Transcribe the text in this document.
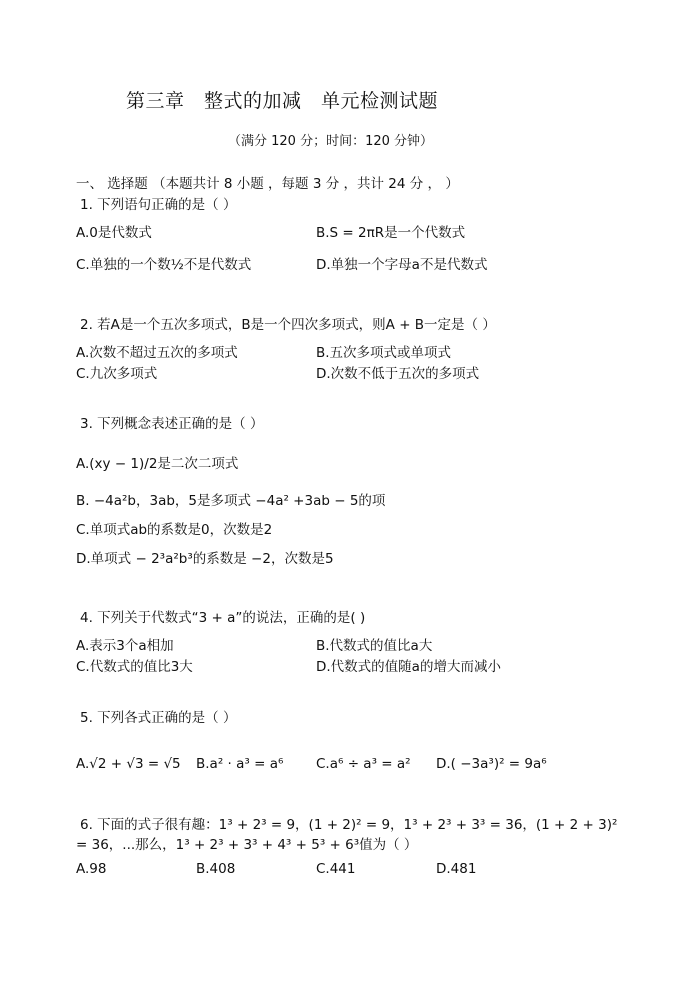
第三章　整式的加减　单元检测试题
（满分 120 分；时间：120 分钟）
一、 选择题 （本题共计 8 小题 ，每题 3 分 ，共计 24 分 ， ）
1. 下列语句正确的是（ ）
A.0是代数式	B.S = 2πR是一个代数式
C.单独的一个数½不是代数式	D.单独一个字母a不是代数式
2. 若A是一个五次多项式，B是一个四次多项式，则A + B一定是（ ）
A.次数不超过五次的多项式	B.五次多项式或单项式
C.九次多项式	D.次数不低于五次的多项式
3. 下列概念表述正确的是（ ）
A.(xy − 1)/2是二次二项式
B. −4a²b，3ab，5是多项式 −4a² +3ab − 5的项
C.单项式ab的系数是0，次数是2
D.单项式 − 2³a²b³的系数是 −2，次数是5
4. 下列关于代数式“3 + a”的说法，正确的是( )
A.表示3个a相加	B.代数式的值比a大
C.代数式的值比3大	D.代数式的值随a的增大而减小
5. 下列各式正确的是（ ）
A.√2 + √3 = √5 B.a² · a³ = a⁶ C.a⁶ ÷ a³ = a² D.( −3a³)² = 9a⁶
6. 下面的式子很有趣：1³ + 2³ = 9，(1 + 2)² = 9，1³ + 2³ + 3³ = 36，(1 + 2 + 3)²
= 36，...那么，1³ + 2³ + 3³ + 4³ + 5³ + 6³值为（ ）
A.98	B.408	C.441	D.481
